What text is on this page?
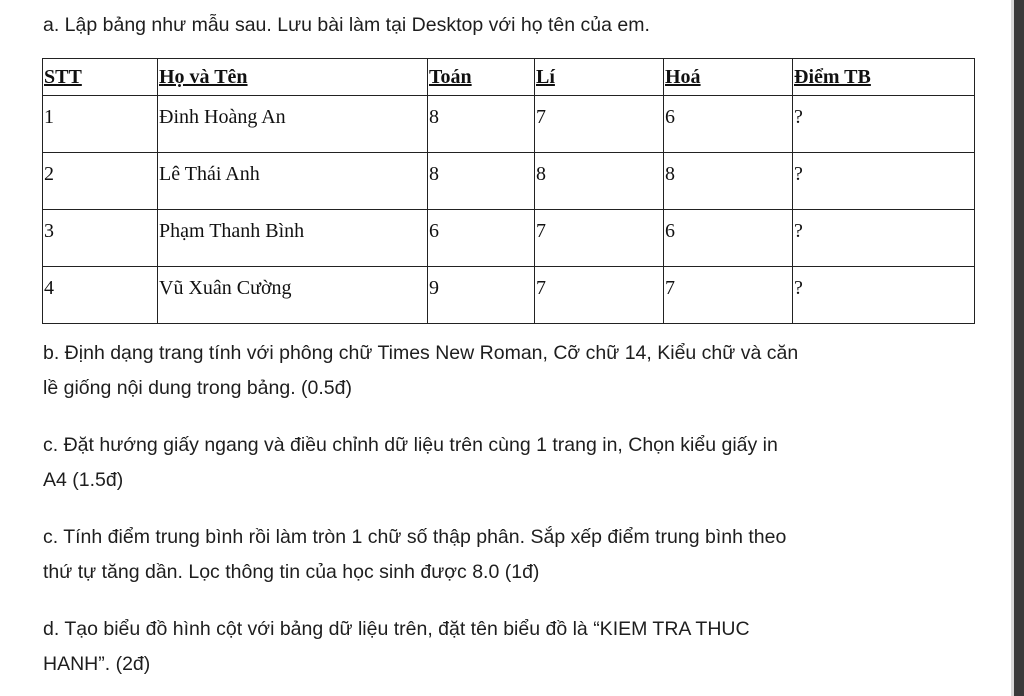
a. Lập bảng như mẫu sau. Lưu bài làm tại Desktop với họ tên của em.

STT	Họ và Tên	Toán	Lí	Hoá	Điểm TB
1	Đinh Hoàng An	8	7	6	?
2	Lê Thái Anh	8	8	8	?
3	Phạm Thanh Bình	6	7	6	?
4	Vũ Xuân Cường	9	7	7	?

b. Định dạng trang tính với phông chữ Times New Roman, Cỡ chữ 14, Kiểu chữ và căn
lề giống nội dung trong bảng. (0.5đ)

c. Đặt hướng giấy ngang và điều chỉnh dữ liệu trên cùng 1 trang in, Chọn kiểu giấy in
A4 (1.5đ)

c. Tính điểm trung bình rồi làm tròn 1 chữ số thập phân. Sắp xếp điểm trung bình theo
thứ tự tăng dần. Lọc thông tin của học sinh được 8.0 (1đ)

d. Tạo biểu đồ hình cột với bảng dữ liệu trên, đặt tên biểu đồ là “KIEM TRA THUC
HANH”. (2đ)
